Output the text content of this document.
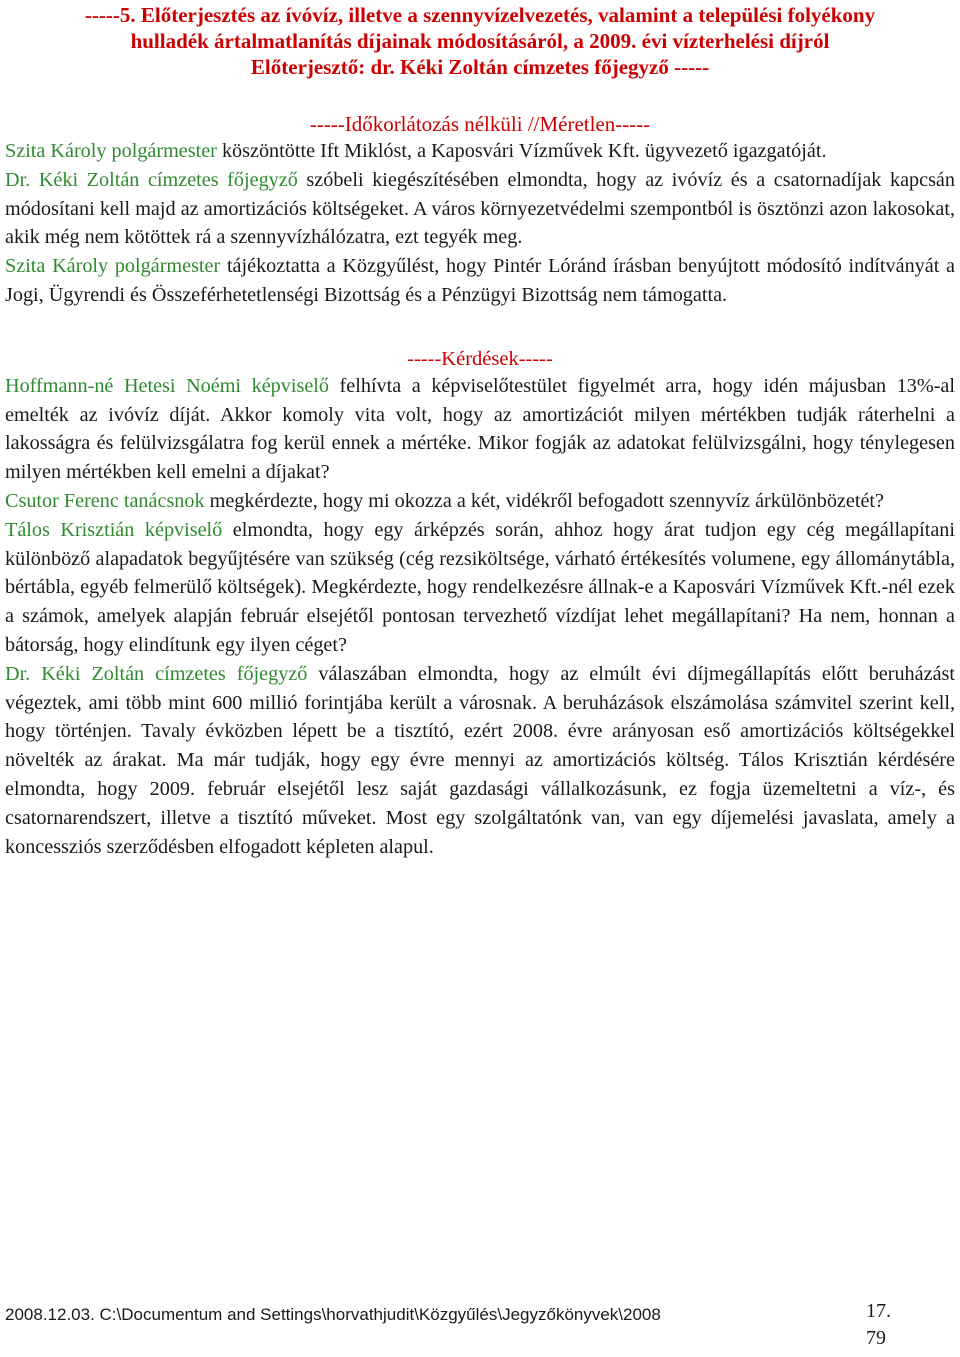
-----5. Előterjesztés az ívóvíz, illetve a szennyvízelvezetés, valamint a települési folyékony
hulladék ártalmatlanítás díjainak módosításáról, a 2009. évi vízterhelési díjról
Előterjesztő: dr. Kéki Zoltán címzetes főjegyző -----
-----Időkorlátozás nélküli //Méretlen-----

Szita Károly polgármester köszöntötte Ift Miklóst, a Kaposvári Vízművek Kft. ügyvezető igazgatóját.

Dr. Kéki Zoltán címzetes főjegyző szóbeli kiegészítésében elmondta, hogy az ivóvíz és a csatornadíjak kapcsán módosítani kell majd az amortizációs költségeket. A város környezetvédelmi szempontból is ösztönzi azon lakosokat, akik még nem kötöttek rá a szennyvízhálózatra, ezt tegyék meg.

Szita Károly polgármester tájékoztatta a Közgyűlést, hogy Pintér Lóránd írásban benyújtott módosító indítványát a Jogi, Ügyrendi és Összeférhetetlenségi Bizottság és a Pénzügyi Bizottság nem támogatta.

-----Kérdések-----

Hoffmann-né Hetesi Noémi képviselő felhívta a képviselőtestület figyelmét arra, hogy idén májusban 13%-al emelték az ivóvíz díját. Akkor komoly vita volt, hogy az amortizációt milyen mértékben tudják ráterhelni a lakosságra és felülvizsgálatra fog kerül ennek a mértéke. Mikor fogják az adatokat felülvizsgálni, hogy ténylegesen milyen mértékben kell emelni a díjakat?

Csutor Ferenc tanácsnok megkérdezte, hogy mi okozza a két, vidékről befogadott szennyvíz árkülönbözetét?

Tálos Krisztián képviselő elmondta, hogy egy árképzés során, ahhoz hogy árat tudjon egy cég megállapítani különböző alapadatok begyűjtésére van szükség (cég rezsiköltsége, várható értékesítés volumene, egy állománytábla, bértábla, egyéb felmerülő költségek). Megkérdezte, hogy rendelkezésre állnak-e a Kaposvári Vízművek Kft.-nél ezek a számok, amelyek alapján február elsejétől pontosan tervezhető vízdíjat lehet megállapítani? Ha nem, honnan a bátorság, hogy elindítunk egy ilyen céget?

Dr. Kéki Zoltán címzetes főjegyző válaszában elmondta, hogy az elmúlt évi díjmegállapítás előtt beruházást végeztek, ami több mint 600 millió forintjába került a városnak. A beruházások elszámolása számvitel szerint kell, hogy történjen. Tavaly évközben lépett be a tisztító, ezért 2008. évre arányosan eső amortizációs költségekkel növelték az árakat. Ma már tudják, hogy egy évre mennyi az amortizációs költség. Tálos Krisztián kérdésére elmondta, hogy 2009. február elsejétől lesz saját gazdasági vállalkozásunk, ez fogja üzemeltetni a víz-, és csatornarendszert, illetve a tisztító műveket. Most egy szolgáltatónk van, van egy díjemelési javaslata, amely a koncessziós szerződésben elfogadott képleten alapul.

2008.12.03. C:\Documentum and Settings\horvathjudit\Közgyűlés\Jegyzőkönyvek\2008	17.
79
